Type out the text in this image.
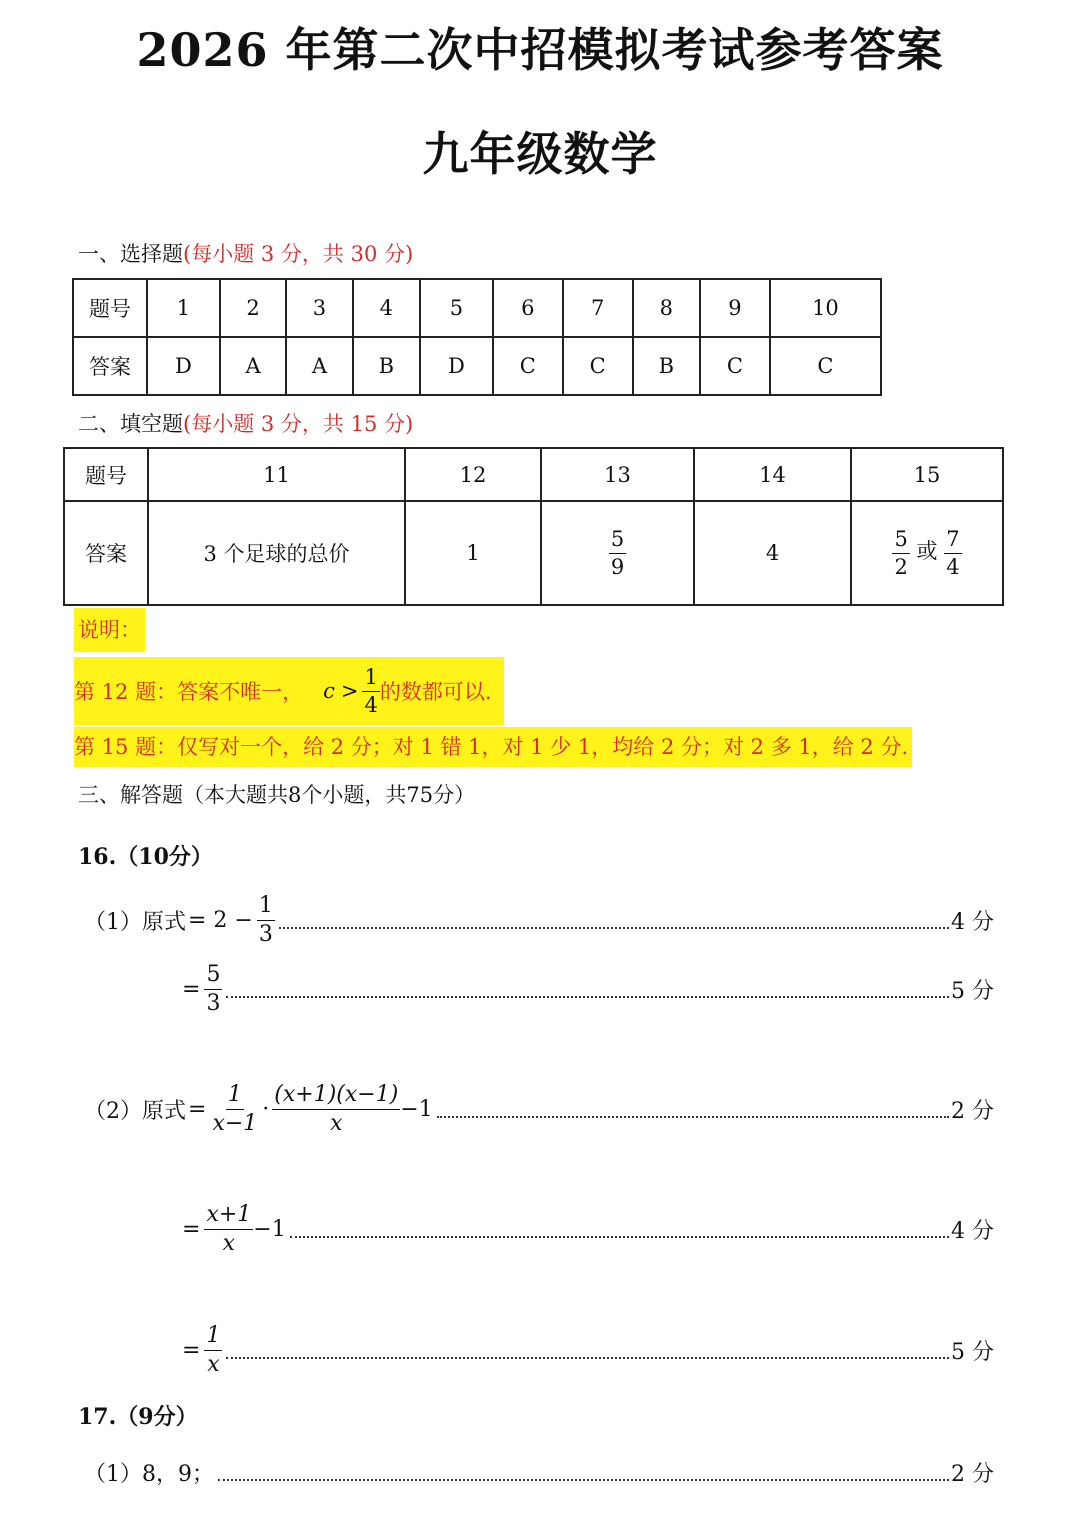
2026 年第二次中招模拟考试参考答案
九年级数学
一、选择题(每小题 3 分，共 30 分)
题号	1	2	3	4	5	6	7	8	9	10
答案	D	A	A	B	D	C	C	B	C	C
二、填空题(每小题 3 分，共 15 分)
题号	11	12	13	14	15
答案	3 个足球的总价	1	$\frac{5}{9}$	4	$\frac{5}{2}$ 或 $\frac{7}{4}$
说明：
第 12 题：答案不唯一， $c > \frac{1}{4}$ 的数都可以.
第 15 题：仅写对一个，给 2 分；对 1 错 1，对 1 少 1，均给 2 分；对 2 多 1，给 2 分.
三、解答题（本大题共8个小题，共75分）
16.（10分）
（1）原式 = $2 - \frac{1}{3}$	4 分
= $\frac{5}{3}$	5 分
（2）原式 = $\frac{1}{x-1} \cdot \frac{(x+1)(x-1)}{x} -1$	2 分
= $\frac{x+1}{x} -1$	4 分
= $\frac{1}{x}$	5 分
17.（9分）
（1）8，9；	2 分
